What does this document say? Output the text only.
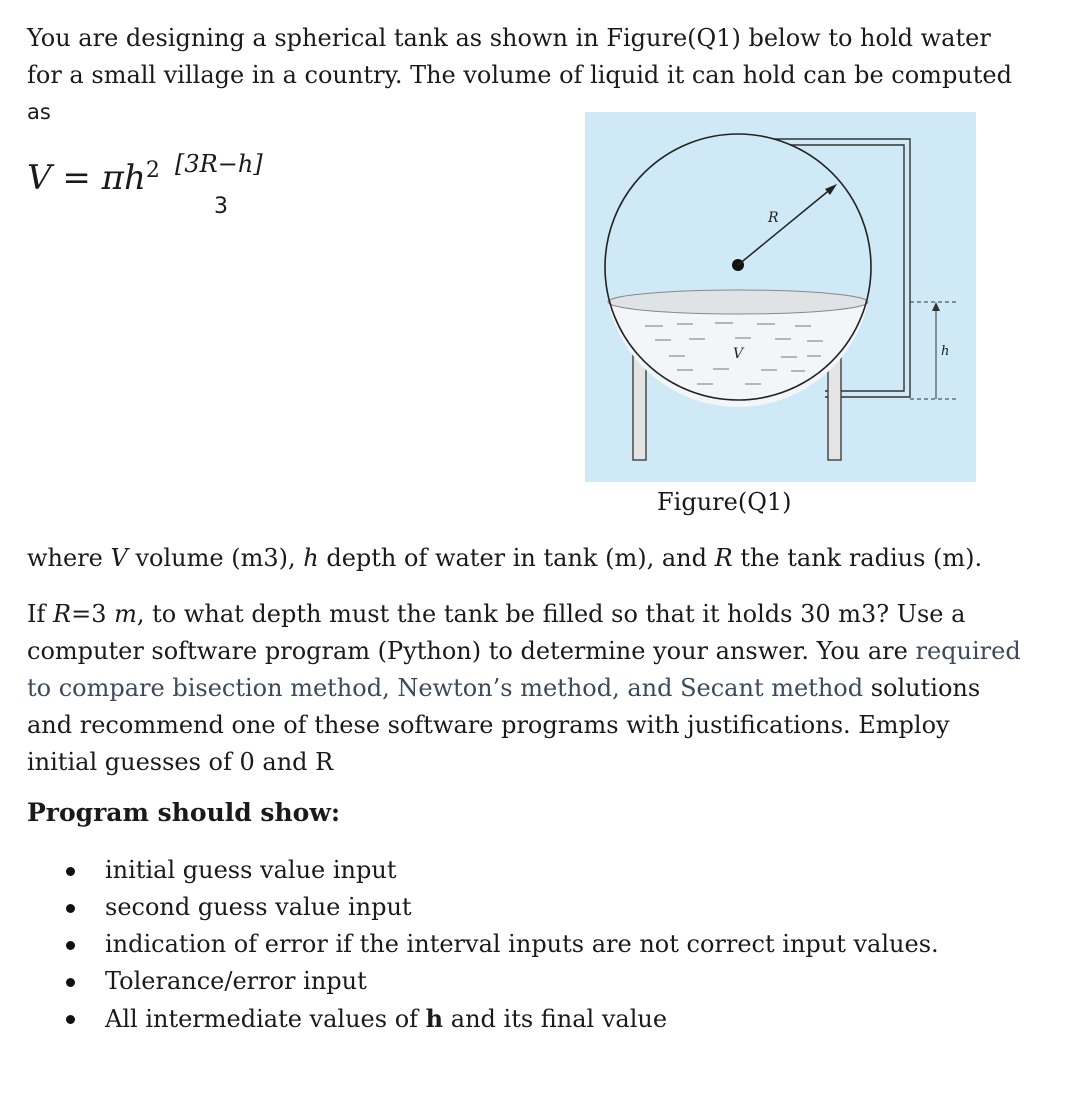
You are designing a spherical tank as shown in Figure(Q1) below to hold water
for a small village in a country. The volume of liquid it can hold can be computed
as
$V = \pi h^2$ [3R−h]
3	R
V	h
Figure(Q1)
where V volume (m3), h depth of water in tank (m), and R the tank radius (m).
If R=3 m, to what depth must the tank be filled so that it holds 30 m3? Use a computer software program (Python) to determine your answer. You are required to compare bisection method, Newton’s method, and Secant method solutions and recommend one of these software programs with justifications. Employ initial guesses of 0 and R
Program should show:
initial guess value input
second guess value input
indication of error if the interval inputs are not correct input values.
Tolerance/error input
All intermediate values of h and its final value
